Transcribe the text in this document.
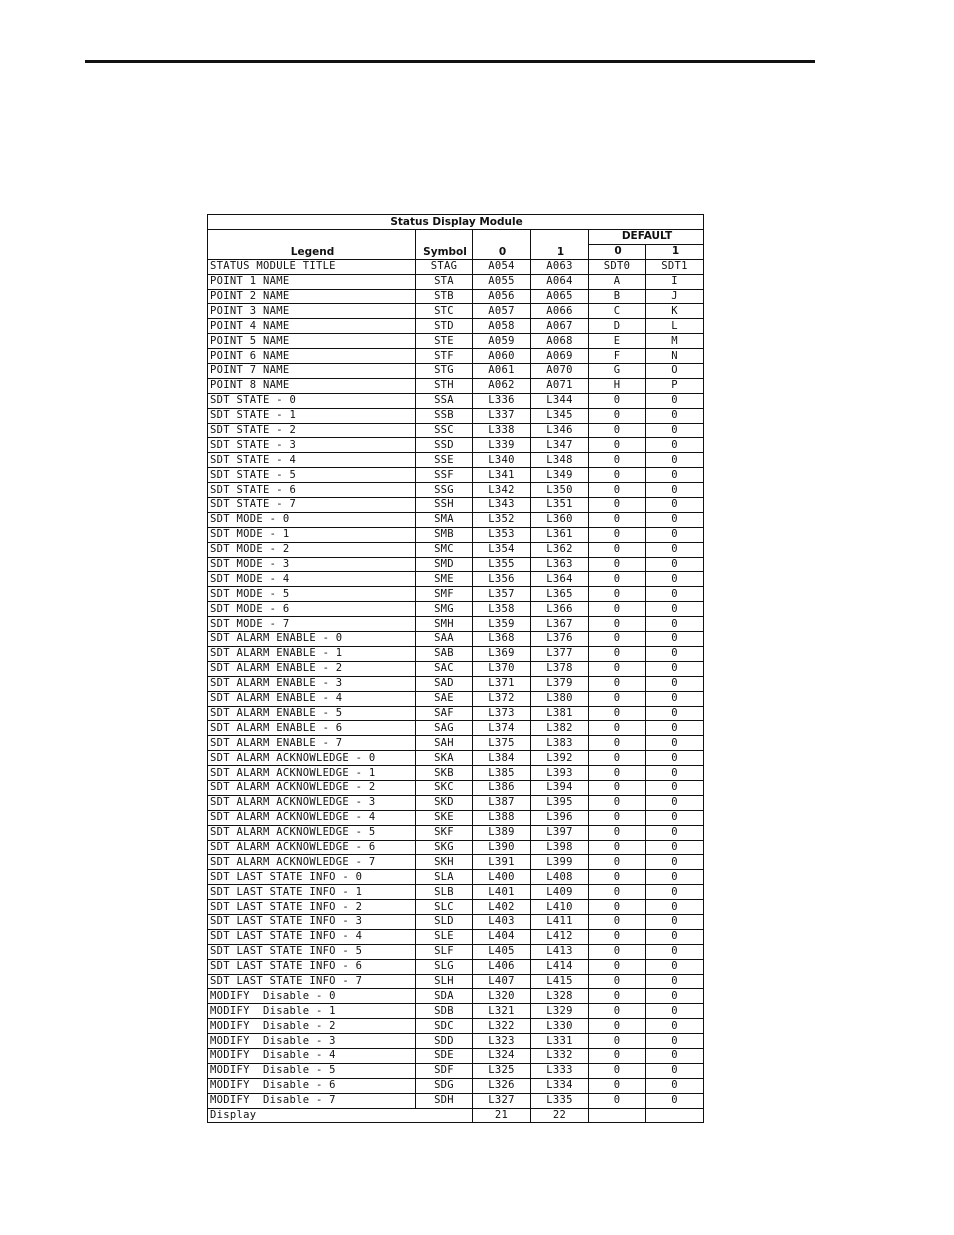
Status Display Module					
Legend	Symbol	0	1	DEFAULT	
				0	1
STATUS MODULE TITLE	STAG	A054	A063	SDT0	SDT1
POINT 1 NAME	STA	A055	A064	A	I
POINT 2 NAME	STB	A056	A065	B	J
POINT 3 NAME	STC	A057	A066	C	K
POINT 4 NAME	STD	A058	A067	D	L
POINT 5 NAME	STE	A059	A068	E	M
POINT 6 NAME	STF	A060	A069	F	N
POINT 7 NAME	STG	A061	A070	G	O
POINT 8 NAME	STH	A062	A071	H	P
SDT STATE - 0	SSA	L336	L344	0	0
SDT STATE - 1	SSB	L337	L345	0	0
SDT STATE - 2	SSC	L338	L346	0	0
SDT STATE - 3	SSD	L339	L347	0	0
SDT STATE - 4	SSE	L340	L348	0	0
SDT STATE - 5	SSF	L341	L349	0	0
SDT STATE - 6	SSG	L342	L350	0	0
SDT STATE - 7	SSH	L343	L351	0	0
SDT MODE - 0	SMA	L352	L360	0	0
SDT MODE - 1	SMB	L353	L361	0	0
SDT MODE - 2	SMC	L354	L362	0	0
SDT MODE - 3	SMD	L355	L363	0	0
SDT MODE - 4	SME	L356	L364	0	0
SDT MODE - 5	SMF	L357	L365	0	0
SDT MODE - 6	SMG	L358	L366	0	0
SDT MODE - 7	SMH	L359	L367	0	0
SDT ALARM ENABLE - 0	SAA	L368	L376	0	0
SDT ALARM ENABLE - 1	SAB	L369	L377	0	0
SDT ALARM ENABLE - 2	SAC	L370	L378	0	0
SDT ALARM ENABLE - 3	SAD	L371	L379	0	0
SDT ALARM ENABLE - 4	SAE	L372	L380	0	0
SDT ALARM ENABLE - 5	SAF	L373	L381	0	0
SDT ALARM ENABLE - 6	SAG	L374	L382	0	0
SDT ALARM ENABLE - 7	SAH	L375	L383	0	0
SDT ALARM ACKNOWLEDGE - 0	SKA	L384	L392	0	0
SDT ALARM ACKNOWLEDGE - 1	SKB	L385	L393	0	0
SDT ALARM ACKNOWLEDGE - 2	SKC	L386	L394	0	0
SDT ALARM ACKNOWLEDGE - 3	SKD	L387	L395	0	0
SDT ALARM ACKNOWLEDGE - 4	SKE	L388	L396	0	0
SDT ALARM ACKNOWLEDGE - 5	SKF	L389	L397	0	0
SDT ALARM ACKNOWLEDGE - 6	SKG	L390	L398	0	0
SDT ALARM ACKNOWLEDGE - 7	SKH	L391	L399	0	0
SDT LAST STATE INFO - 0	SLA	L400	L408	0	0
SDT LAST STATE INFO - 1	SLB	L401	L409	0	0
SDT LAST STATE INFO - 2	SLC	L402	L410	0	0
SDT LAST STATE INFO - 3	SLD	L403	L411	0	0
SDT LAST STATE INFO - 4	SLE	L404	L412	0	0
SDT LAST STATE INFO - 5	SLF	L405	L413	0	0
SDT LAST STATE INFO - 6	SLG	L406	L414	0	0
SDT LAST STATE INFO - 7	SLH	L407	L415	0	0
MODIFY  Disable - 0	SDA	L320	L328	0	0
MODIFY  Disable - 1	SDB	L321	L329	0	0
MODIFY  Disable - 2	SDC	L322	L330	0	0
MODIFY  Disable - 3	SDD	L323	L331	0	0
MODIFY  Disable - 4	SDE	L324	L332	0	0
MODIFY  Disable - 5	SDF	L325	L333	0	0
MODIFY  Disable - 6	SDG	L326	L334	0	0
MODIFY  Disable - 7	SDH	L327	L335	0	0
Display		21	22		
